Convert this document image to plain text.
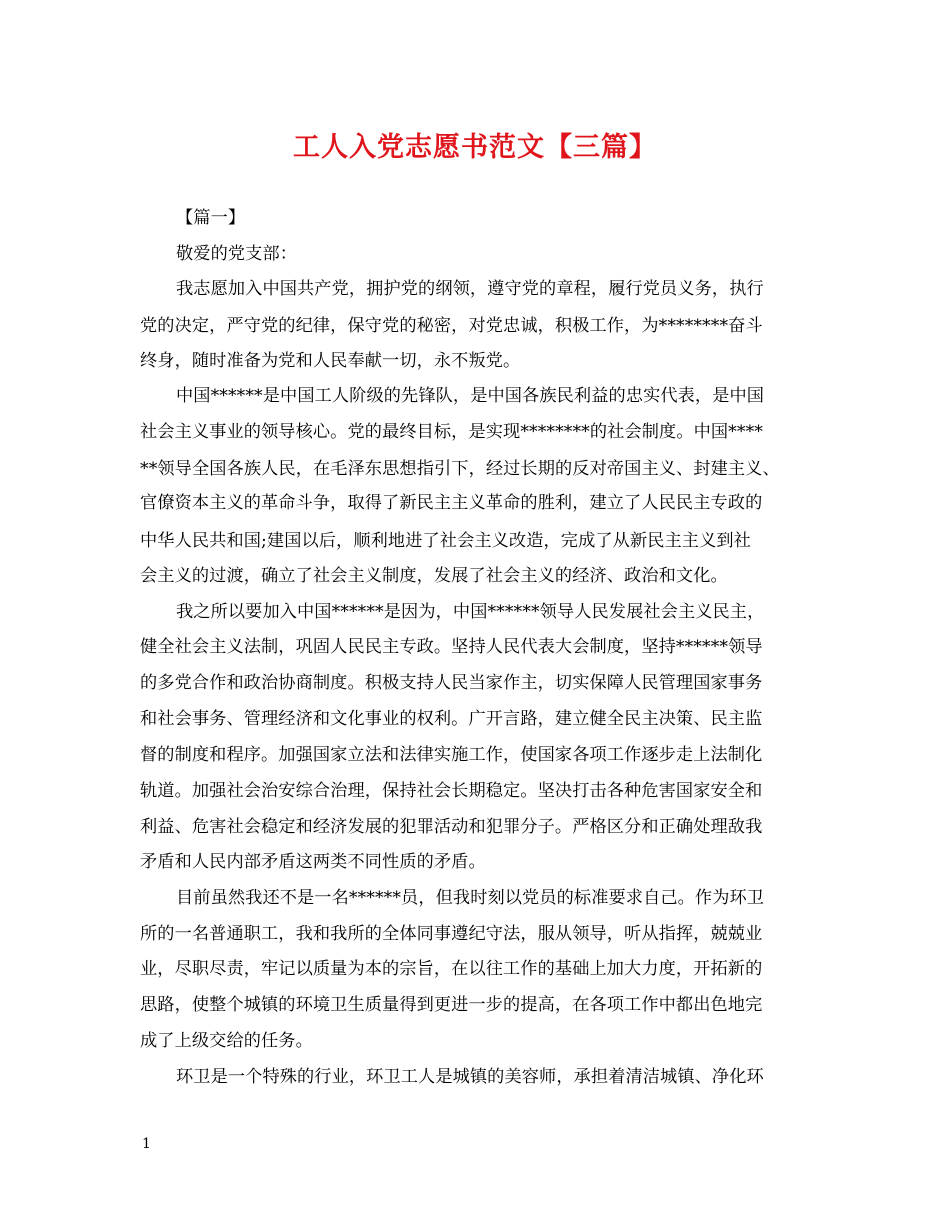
工人入党志愿书范文【三篇】
【篇一】
敬爱的党支部：
我志愿加入中国共产党，拥护党的纲领，遵守党的章程，履行党员义务，执行
党的决定，严守党的纪律，保守党的秘密，对党忠诚，积极工作，为********奋斗
终身，随时准备为党和人民奉献一切，永不叛党。
中国******是中国工人阶级的先锋队，是中国各族民利益的忠实代表，是中国
社会主义事业的领导核心。党的最终目标，是实现********的社会制度。中国****
**领导全国各族人民，在毛泽东思想指引下，经过长期的反对帝国主义、封建主义、
官僚资本主义的革命斗争，取得了新民主主义革命的胜利，建立了人民民主专政的
中华人民共和国;建国以后，顺利地进了社会主义改造，完成了从新民主主义到社
会主义的过渡，确立了社会主义制度，发展了社会主义的经济、政治和文化。
我之所以要加入中国******是因为，中国******领导人民发展社会主义民主，
健全社会主义法制，巩固人民民主专政。坚持人民代表大会制度，坚持******领导
的多党合作和政治协商制度。积极支持人民当家作主，切实保障人民管理国家事务
和社会事务、管理经济和文化事业的权利。广开言路，建立健全民主决策、民主监
督的制度和程序。加强国家立法和法律实施工作，使国家各项工作逐步走上法制化
轨道。加强社会治安综合治理，保持社会长期稳定。坚决打击各种危害国家安全和
利益、危害社会稳定和经济发展的犯罪活动和犯罪分子。严格区分和正确处理敌我
矛盾和人民内部矛盾这两类不同性质的矛盾。
目前虽然我还不是一名******员，但我时刻以党员的标准要求自己。作为环卫
所的一名普通职工，我和我所的全体同事遵纪守法，服从领导，听从指挥，兢兢业
业，尽职尽责，牢记以质量为本的宗旨，在以往工作的基础上加大力度，开拓新的
思路，使整个城镇的环境卫生质量得到更进一步的提高，在各项工作中都出色地完
成了上级交给的任务。
环卫是一个特殊的行业，环卫工人是城镇的美容师，承担着清洁城镇、净化环
1
